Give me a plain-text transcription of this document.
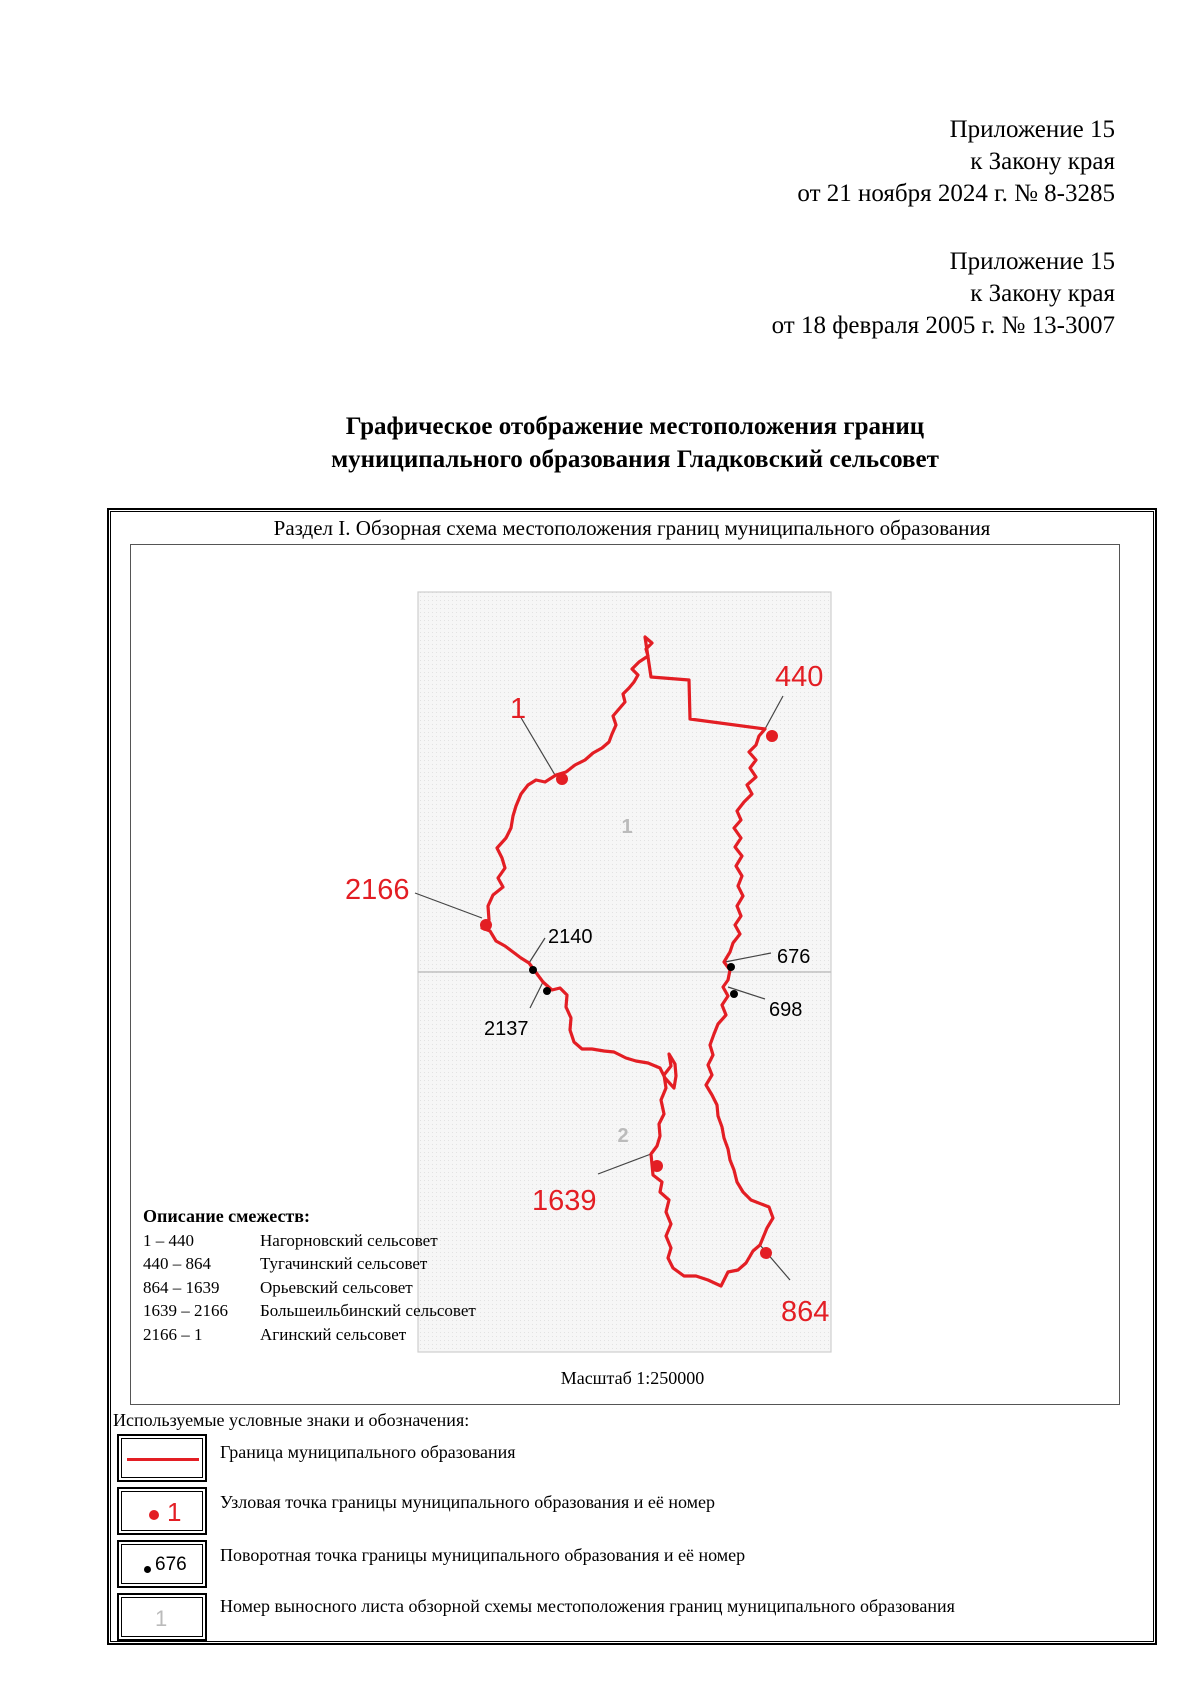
Приложение 15
к Закону края
от 21 ноября 2024 г. № 8-3285
Приложение 15
к Закону края
от 18 февраля 2005 г. № 13-3007
Графическое отображение местоположения границ
муниципального образования Гладковский сельсовет
Раздел I. Обзорная схема местоположения границ муниципального образования
1
2
1
440
864
1639
2166
2140
2137
676
698
Описание смежеств:
1 – 440	Нагорновский сельсовет
440 – 864	Тугачинский сельсовет
864 – 1639 Орьевский сельсовет
1639 – 2166 Большеильбинский сельсовет
2166 – 1	Агинский сельсовет
Масштаб 1:250000
Используемые условные знаки и обозначения:
Граница муниципального образования
1 Узловая точка границы муниципального образования и её номер
676 Поворотная точка границы муниципального образования и её номер
1	Номер выносного листа обзорной схемы местоположения границ муниципального образования
